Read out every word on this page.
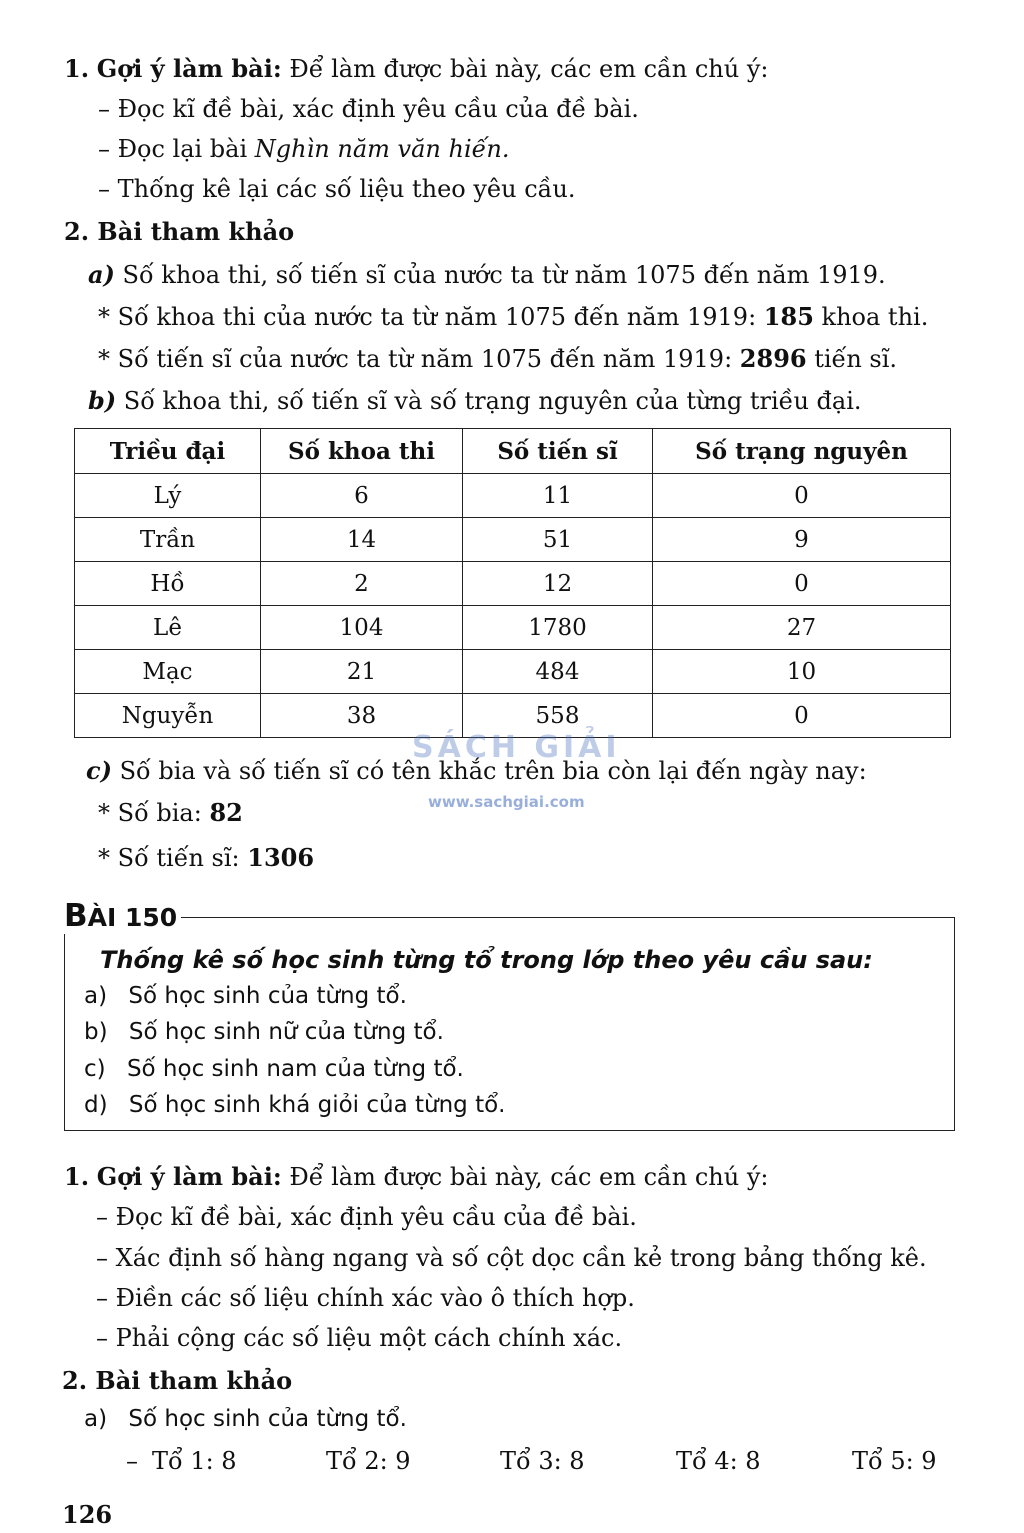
1. Gợi ý làm bài: Để làm được bài này, các em cần chú ý:
– Đọc kĩ đề bài, xác định yêu cầu của đề bài.
– Đọc lại bài Nghìn năm văn hiến.
– Thống kê lại các số liệu theo yêu cầu.
2. Bài tham khảo
a) Số khoa thi, số tiến sĩ của nước ta từ năm 1075 đến năm 1919.
* Số khoa thi của nước ta từ năm 1075 đến năm 1919: 185 khoa thi.
* Số tiến sĩ của nước ta từ năm 1075 đến năm 1919: 2896 tiến sĩ.
b) Số khoa thi, số tiến sĩ và số trạng nguyên của từng triều đại.
Triều đại	Số khoa thi	Số tiến sĩ	Số trạng nguyên
Lý	6	11	0
Trần	14	51	9
Hồ	2	12	0
Lê	104	1780	27
Mạc	21	484	10
Nguyễn	38	558	0
SÁCH GIẢI
www.sachgiai.com
c) Số bia và số tiến sĩ có tên khắc trên bia còn lại đến ngày nay:
* Số bia: 82
* Số tiến sĩ: 1306
BÀI 150
Thống kê số học sinh từng tổ trong lớp theo yêu cầu sau:
a) Số học sinh của từng tổ.
b) Số học sinh nữ của từng tổ.
c) Số học sinh nam của từng tổ.
d) Số học sinh khá giỏi của từng tổ.
1. Gợi ý làm bài: Để làm được bài này, các em cần chú ý:
– Đọc kĩ đề bài, xác định yêu cầu của đề bài.
– Xác định số hàng ngang và số cột dọc cần kẻ trong bảng thống kê.
– Điền các số liệu chính xác vào ô thích hợp.
– Phải cộng các số liệu một cách chính xác.
2. Bài tham khảo
a) Số học sinh của từng tổ.
– Tổ 1: 8	Tổ 2: 9	Tổ 3: 8	Tổ 4: 8	Tổ 5: 9
126
